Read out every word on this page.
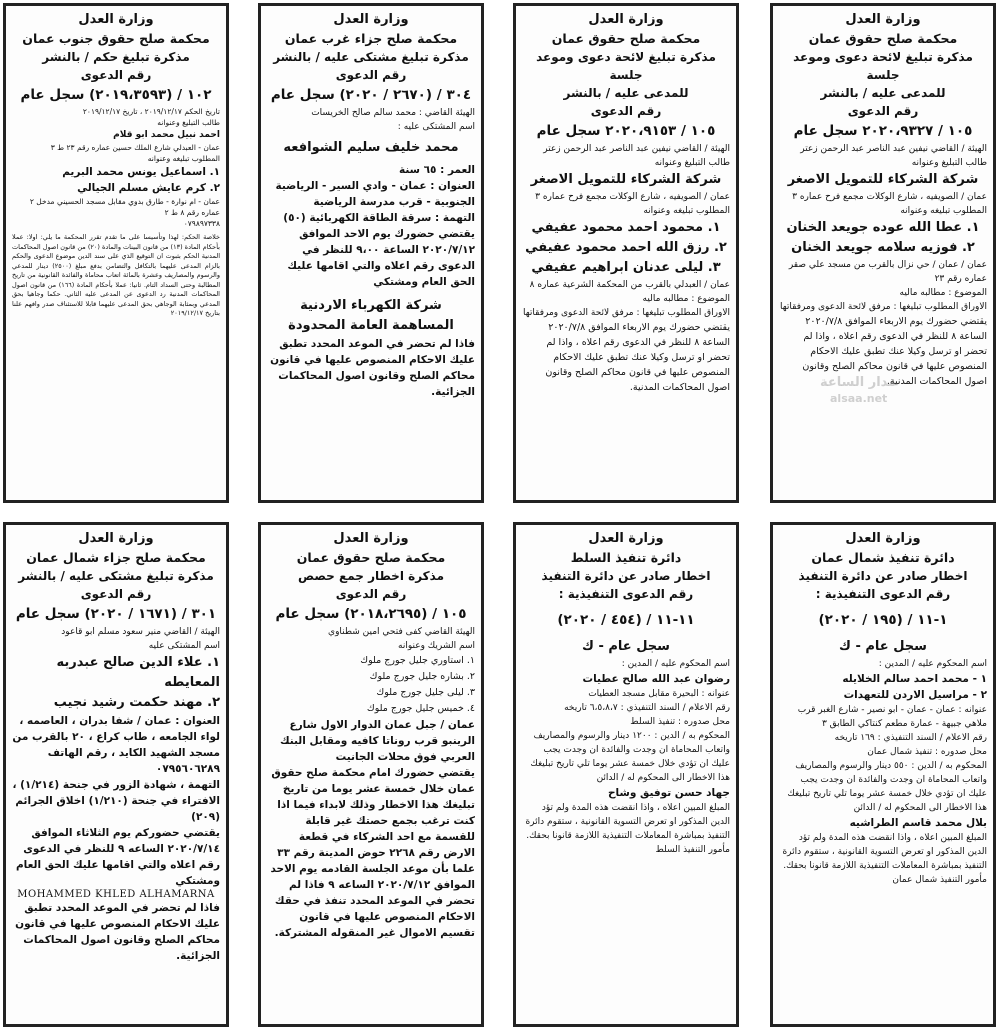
وزارة العدل
محكمة صلح حقوق عمان
مذكرة تبليغ لائحة دعوى وموعد جلسة
للمدعى عليه / بالنشر
رقم الدعوى
١٠٥ / ٢٠٢٠،٩٣٢٧ سجل عام
الهيئة / القاضي نيفين عبد الناصر عبد الرحمن زعتر
طالب التبليغ وعنوانه
شركة الشركاء للتمويل الاصغر
عمان / الصويفيه ، شارع الوكلات مجمع فرح عماره ٣
المطلوب تبليغه وعنوانه
١. عطا الله عوده جويعد الخنان
٢. فوزيه سلامه جويعد الخنان
عمان / عمان / حي نزال بالقرب من مسجد علي صقر عماره رقم ٢٣
الموضوع : مطالبه ماليه
الاوراق المطلوب تبليغها : مرفق لائحة الدعوى ومرفقاتها
يقتضي حضورك يوم الاربعاء الموافق ٢٠٢٠/٧/٨ الساعة ٨ للنظر في الدعوى رقم اعلاه ، واذا لم تحضر او ترسل وكيلا عنك تطبق عليك الاحكام المنصوص عليها في قانون محاكم الصلح وقانون اصول المحاكمات المدنية.
وزارة العدل
محكمة صلح حقوق عمان
مذكرة تبليغ لائحة دعوى وموعد جلسة
للمدعى عليه / بالنشر
رقم الدعوى
١٠٥ / ٢٠٢٠،٩١٥٣ سجل عام
الهيئة / القاضي نيفين عبد الناصر عبد الرحمن زعتر
طالب التبليغ وعنوانه
شركة الشركاء للتمويل الاصغر
عمان / الصويفيه ، شارع الوكلات مجمع فرح عماره ٣
المطلوب تبليغه وعنوانه
١. محمود احمد محمود عفيفي
٢. رزق الله احمد محمود عفيفي
٣. ليلى عدنان ابراهيم عفيفي
عمان / العبدلي بالقرب من المحكمة الشرعية عماره ٨
الموضوع : مطالبه ماليه
الاوراق المطلوب تبليغها : مرفق لائحة الدعوى ومرفقاتها
يقتضي حضورك يوم الاربعاء الموافق ٢٠٢٠/٧/٨ الساعة ٨ للنظر في الدعوى رقم اعلاه ، واذا لم تحضر او ترسل وكيلا عنك تطبق عليك الاحكام المنصوص عليها في قانون محاكم الصلح وقانون اصول المحاكمات المدنية.
وزارة العدل
محكمة صلح جزاء غرب عمان
مذكرة تبليغ مشتكى عليه / بالنشر
رقم الدعوى
٣٠٤ / (٢٦٧٠ / ٢٠٢٠) سجل عام
الهيئة القاضي : محمد سالم صالح الخريسات
اسم المشتكى عليه :
محمد خليف سليم الشوافعه
العمر : ٦٥ سنة
العنوان : عمان - وادي السير - الرياضية الجنوبية - قرب مدرسة الرياضية
التهمة : سرقة الطاقة الكهربائية (٥٠)
يقتضي حضورك يوم الاحد الموافق ٢٠٢٠/٧/١٢ الساعة ٩،٠٠ للنظر في الدعوى رقم اعلاه والتي اقامها عليك الحق العام ومشتكي
شركة الكهرباء الاردنية
المساهمة العامة المحدودة
فاذا لم تحضر في الموعد المحدد تطبق عليك الاحكام المنصوص عليها في قانون محاكم الصلح وقانون اصول المحاكمات الجزائية.
وزارة العدل
محكمة صلح حقوق جنوب عمان
مذكرة تبليغ حكم / بالنشر
رقم الدعوى
١٠٢ / (٢٠١٩،٣٥٩٣) سجل عام
تاريخ الحكم ٢٠١٩/١٢/١٧ ، تاريخ ٢٠١٩/١٢/١٧
طالب التبليغ وعنوانه
احمد نبيل محمد ابو قلام
عمان - العبدلي شارع الملك حسين عماره رقم ٢٣ ط ٣
المطلوب تبليغه وعنوانه
١. اسماعيل يونس محمد البريم
٢. كرم عايش مسلم الجيالي
عمان - ام نوارة - طارق بدوي مقابل مسجد الحسيني مدخل ٢ عماره رقم ٨ ط ٢
٠٧٩٨٩٧٣٣٨
خلاصة الحكم: لهذا وتأسيسا على ما تقدم تقرر المحكمة ما يلي: اولا: عملا بأحكام المادة (١٣) من قانون البينات والمادة (٢٠) من قانون اصول المحاكمات المدنية الحكم بثبوت ان التوقيع الذي على سند الدين موضوع الدعوى والحكم بالزام المدعى عليهما بالتكافل والتضامن بدفع مبلغ (٢٥٠٠) دينار للمدعي والرسوم والمصاريف وعشرة بالمائة اتعاب محاماة والفائدة القانونية من تاريخ المطالبة وحتى السداد التام. ثانيا: عملا بأحكام المادة (١٦٦) من قانون اصول المحاكمات المدنية رد الدعوى عن المدعى عليه الثاني. حكما وجاهيا بحق المدعي وبمثابة الوجاهي بحق المدعى عليهما قابلا للاستئناف صدر وافهم علنا بتاريخ ٢٠١٩/١٢/١٧
وزارة العدل
دائرة تنفيذ شمال عمان
اخطار صادر عن دائرة التنفيذ
رقم الدعوى التنفيذية :
١-١١ / (١٩٥ / ٢٠٢٠)
سجل عام - ك
اسم المحكوم عليه / المدين :
١ - محمد احمد سالم الخلايله
٢ - مراسيل الاردن للتعهدات
عنوانه : عمان - عمان - ابو نصير - شارع الغبر قرب ملاهي جبيهة - عمارة مطعم كنتاكي الطابق ٣
رقم الاعلام / السند التنفيذي : ١٦٩ تاريخه
محل صدوره : تنفيذ شمال عمان
المحكوم به / الدين : ٥٥٠ دينار والرسوم والمصاريف واتعاب المحاماة ان وجدت والفائدة ان وجدت يجب عليك ان تؤدي خلال خمسة عشر يوما تلي تاريخ تبليغك هذا الاخطار الى المحكوم له / الدائن
بلال محمد قاسم الطراشيه
المبلغ المبين اعلاه ، واذا انقضت هذه المدة ولم تؤد الدين المذكور او تعرض التسوية القانونية ، ستقوم دائرة التنفيذ بمباشرة المعاملات التنفيذية اللازمة قانونا بحقك.
مأمور التنفيذ شمال عمان
وزارة العدل
دائرة تنفيذ السلط
اخطار صادر عن دائرة التنفيذ
رقم الدعوى التنفيذية :
١١-١١ / (٤٥٤ / ٢٠٢٠)
سجل عام - ك
اسم المحكوم عليه / المدين :
رضوان عبد الله صالح عطيات
عنوانه : البحيرة مقابل مسجد العطيات
رقم الاعلام / السند التنفيذي : ٦،٥،٨،٧ تاريخه
محل صدوره : تنفيذ السلط
المحكوم به / الدين : ١٢٠٠ دينار والرسوم والمصاريف واتعاب المحاماة ان وجدت والفائدة ان وجدت يجب عليك ان تؤدي خلال خمسة عشر يوما تلي تاريخ تبليغك هذا الاخطار الى المحكوم له / الدائن
جهاد حسن توفيق وشاح
المبلغ المبين اعلاه ، واذا انقضت هذه المدة ولم تؤد الدين المذكور او تعرض التسوية القانونية ، ستقوم دائرة التنفيذ بمباشرة المعاملات التنفيذية اللازمة قانونا بحقك.
مأمور التنفيذ السلط
وزارة العدل
محكمة صلح حقوق عمان
مذكرة اخطار جمع حصص
رقم الدعوى
١٠٥ / (٢٠١٨،٢٦٩٥) سجل عام
الهيئة القاضي كفى فتحي امين شطناوي
اسم الشريك وعنوانه
١. استاوري جليل جورج ملوك
٢. بشاره جليل جورج ملوك
٣. ليلى جليل جورج ملوك
٤. خميس جليل جورج ملوك
عمان / جبل عمان الدوار الاول شارع الرينبو قرب روناتا كافيه ومقابل البنك العربي فوق محلات الجانيت
يقتضي حضورك امام محكمة صلح حقوق عمان خلال خمسة عشر يوما من تاريخ تبليغك هذا الاخطار وذلك لابداء فيما اذا كنت ترغب بجمع حصتك غير قابلة للقسمة مع احد الشركاء في قطعة الارض رقم ٢٢٦٨ حوض المدينة رقم ٣٣ علما بأن موعد الجلسة القادمه يوم الاحد الموافق ٢٠٢٠/٧/١٢ الساعه ٩ فاذا لم تحضر في الموعد المحدد تنفذ في حقك الاحكام المنصوص عليها في قانون تقسيم الاموال غير المنقوله المشتركة.
وزارة العدل
محكمة صلح جزاء شمال عمان
مذكرة تبليغ مشتكى عليه / بالنشر
رقم الدعوى
٣٠١ / (١٦٧١ / ٢٠٢٠) سجل عام
الهيئة / القاضي منير سعود مسلم ابو قاعود
اسم المشتكى عليه
١. علاء الدين صالح عبدربه المعايطه
٢. مهند حكمت رشيد نجيب
العنوان : عمان / شفا بدران ، العاصمه ، لواء الجامعه ، طاب كراع ، ٢٠ بالقرب من مسجد الشهيد الكايد ، رقم الهاتف ٠٧٩٥٦٠٦٢٨٩
التهمة ، شهادة الزور في جنحة (١/٢١٤) ، الافتراء في جنحة (١/٢١٠) اخلاق الجرائم (٢٠٩)
يقتضي حضوركم يوم الثلاثاء الموافق ٢٠٢٠/٧/١٤ الساعه ٩ للنظر في الدعوى رقم اعلاه والتي اقامها عليك الحق العام ومشتكي
MOHAMMED KHLED ALHAMARNA
فاذا لم تحضر في الموعد المحدد تطبق عليك الاحكام المنصوص عليها في قانون محاكم الصلح وقانون اصول المحاكمات الجزائية.
مدار الساعة
alsaa.net
